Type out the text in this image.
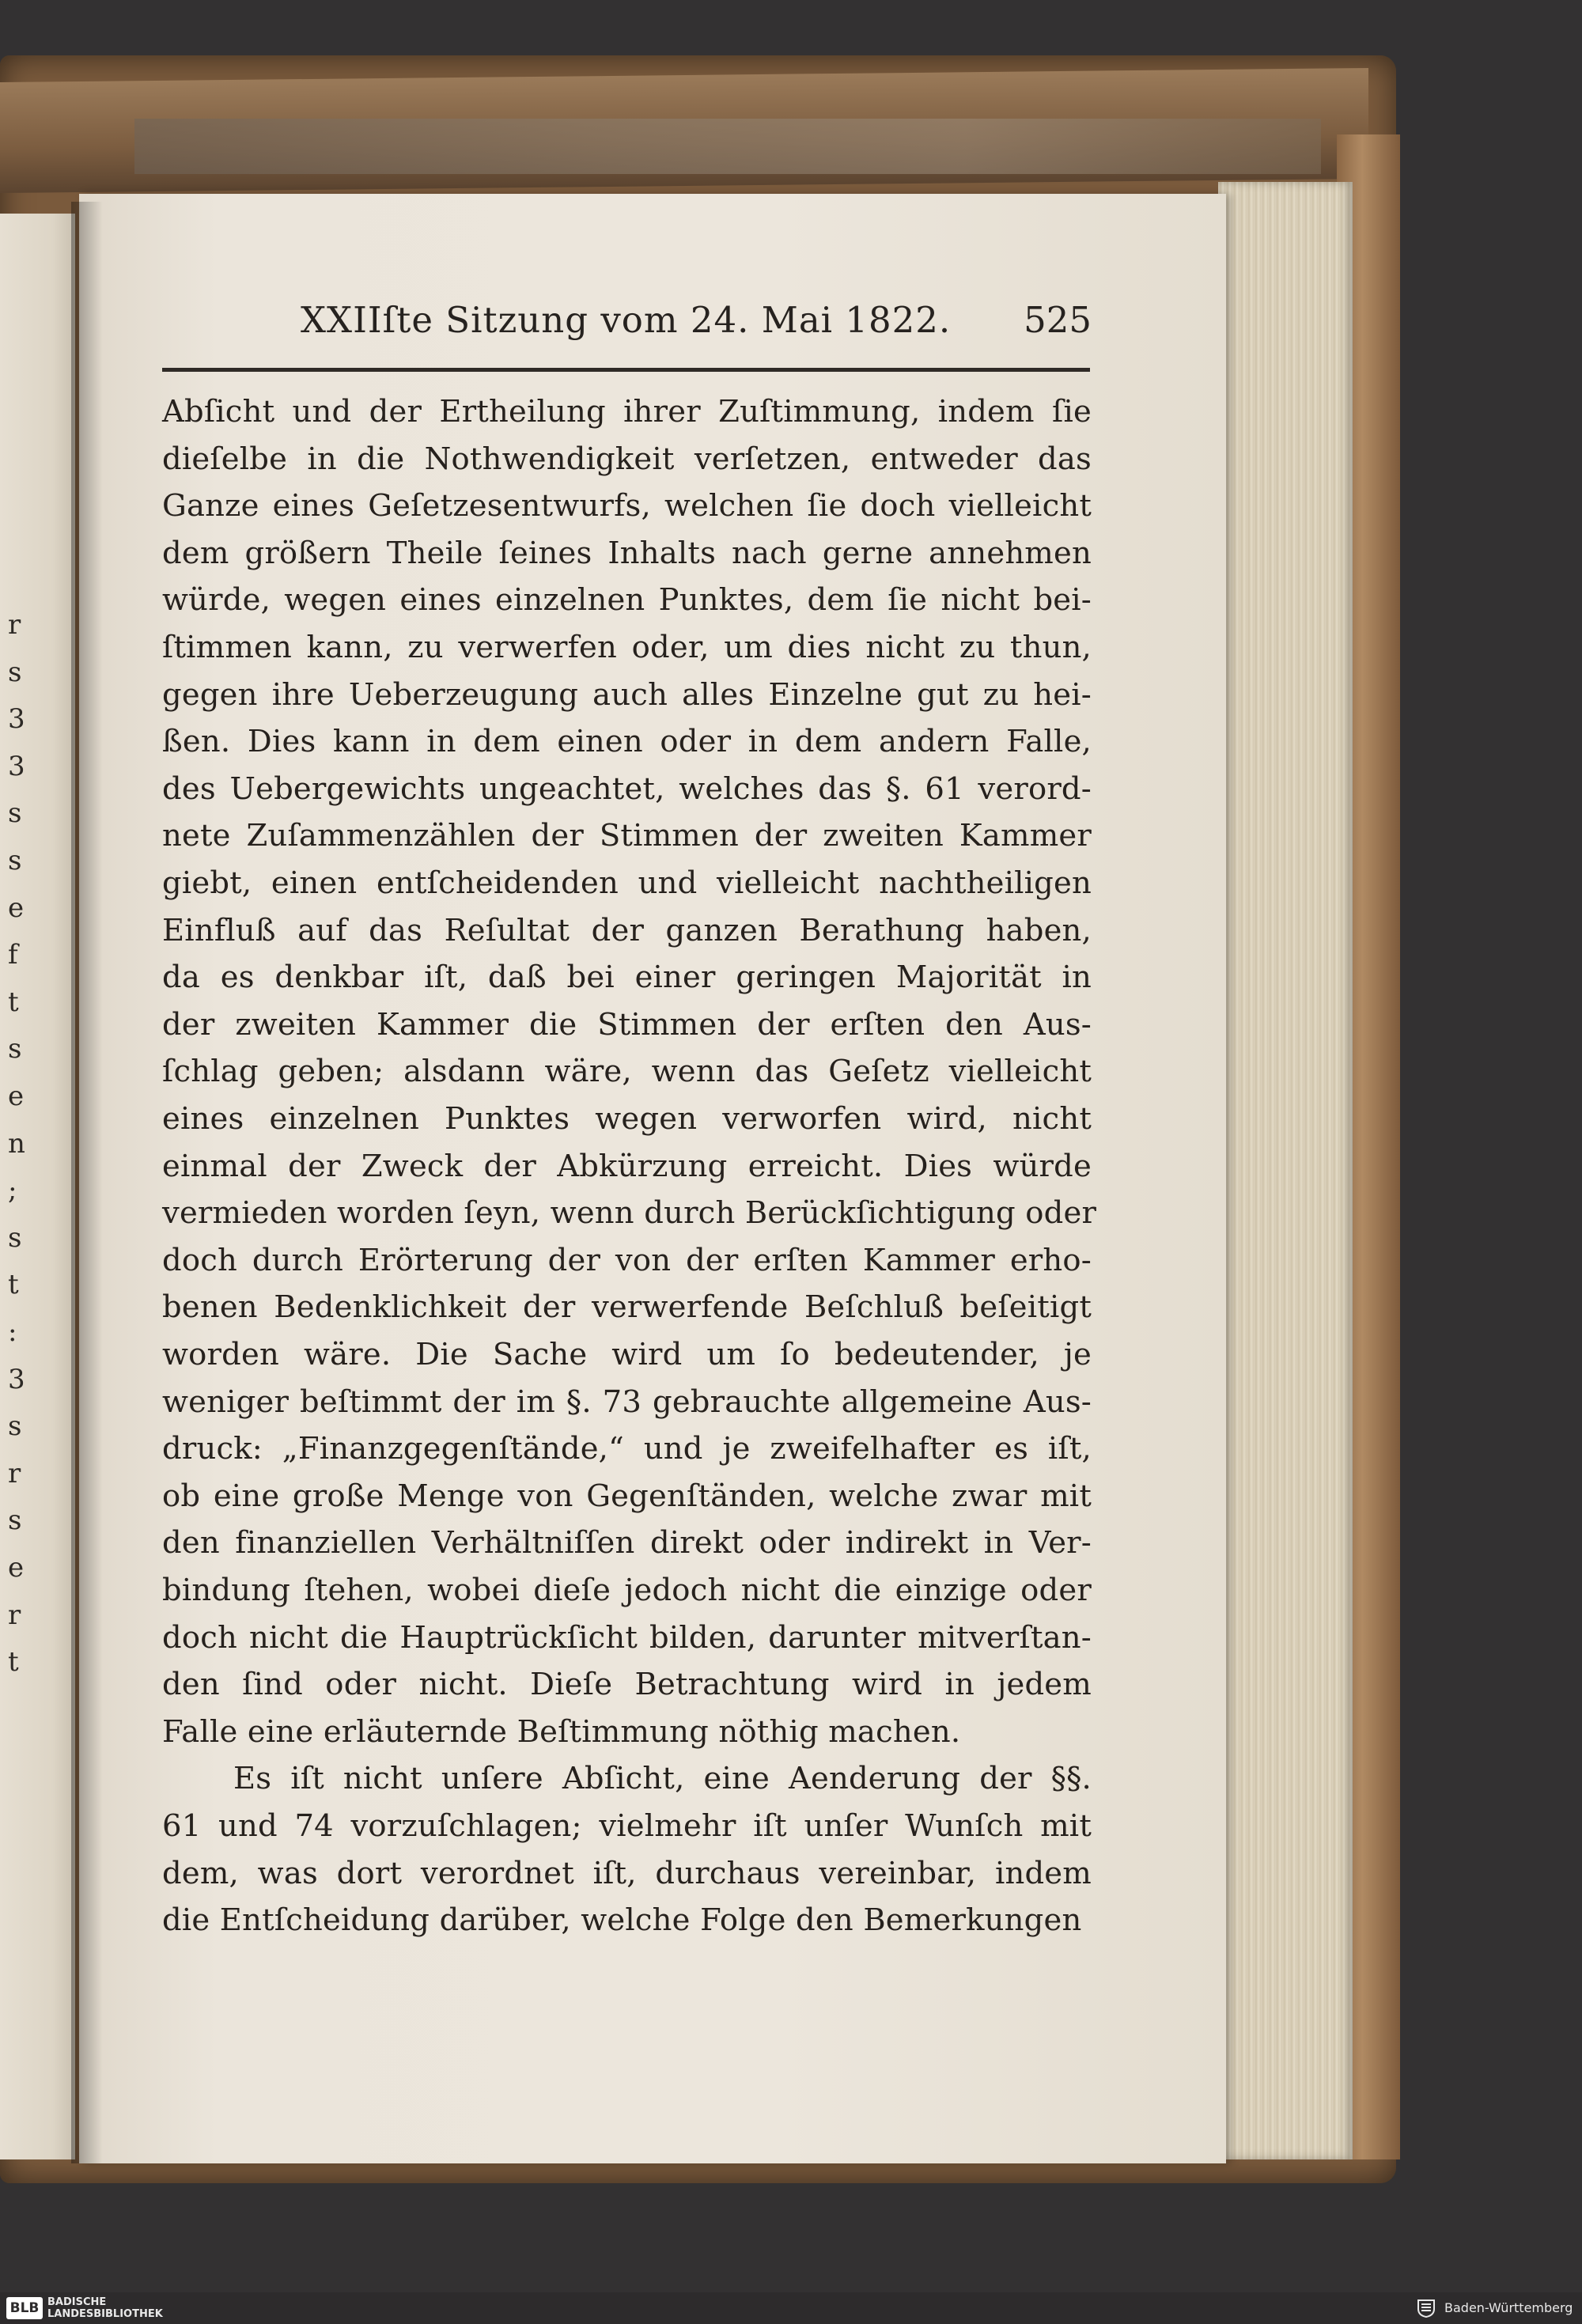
r
s
3
3
s
s
e
f
t
s
e
n
;
s
t
:
3
s
r
s
e
r
t
XXIIſte Sitzung vom 24. Mai 1822. 525
Abſicht und der Ertheilung ihrer Zuſtimmung, indem ſie
dieſelbe in die Nothwendigkeit verſetzen, entweder das
Ganze eines Geſetzesentwurfs, welchen ſie doch vielleicht
dem größern Theile ſeines Inhalts nach gerne annehmen
würde, wegen eines einzelnen Punktes, dem ſie nicht bei-
ſtimmen kann, zu verwerfen oder, um dies nicht zu thun,
gegen ihre Ueberzeugung auch alles Einzelne gut zu hei-
ßen. Dies kann in dem einen oder in dem andern Falle,
des Uebergewichts ungeachtet, welches das §. 61 verord-
nete Zuſammenzählen der Stimmen der zweiten Kammer
giebt, einen entſcheidenden und vielleicht nachtheiligen
Einfluß auf das Reſultat der ganzen Berathung haben,
da es denkbar iſt, daß bei einer geringen Majorität in
der zweiten Kammer die Stimmen der erſten den Aus-
ſchlag geben; alsdann wäre, wenn das Geſetz vielleicht
eines einzelnen Punktes wegen verworfen wird, nicht
einmal der Zweck der Abkürzung erreicht. Dies würde
vermieden worden ſeyn, wenn durch Berückſichtigung oder
doch durch Erörterung der von der erſten Kammer erho-
benen Bedenklichkeit der verwerfende Beſchluß beſeitigt
worden wäre. Die Sache wird um ſo bedeutender, je
weniger beſtimmt der im §. 73 gebrauchte allgemeine Aus-
druck: „Finanzgegenſtände,“ und je zweifelhafter es iſt,
ob eine große Menge von Gegenſtänden, welche zwar mit
den finanziellen Verhältniſſen direkt oder indirekt in Ver-
bindung ſtehen, wobei dieſe jedoch nicht die einzige oder
doch nicht die Hauptrückſicht bilden, darunter mitverſtan-
den ſind oder nicht. Dieſe Betrachtung wird in jedem
Falle eine erläuternde Beſtimmung nöthig machen.
Es iſt nicht unſere Abſicht, eine Aenderung der §§.
61 und 74 vorzuſchlagen; vielmehr iſt unſer Wunſch mit
dem, was dort verordnet iſt, durchaus vereinbar, indem
die Entſcheidung darüber, welche Folge den Bemerkungen
BLB BADISCHE
LANDESBIBLIOTHEK	Baden-Württemberg
